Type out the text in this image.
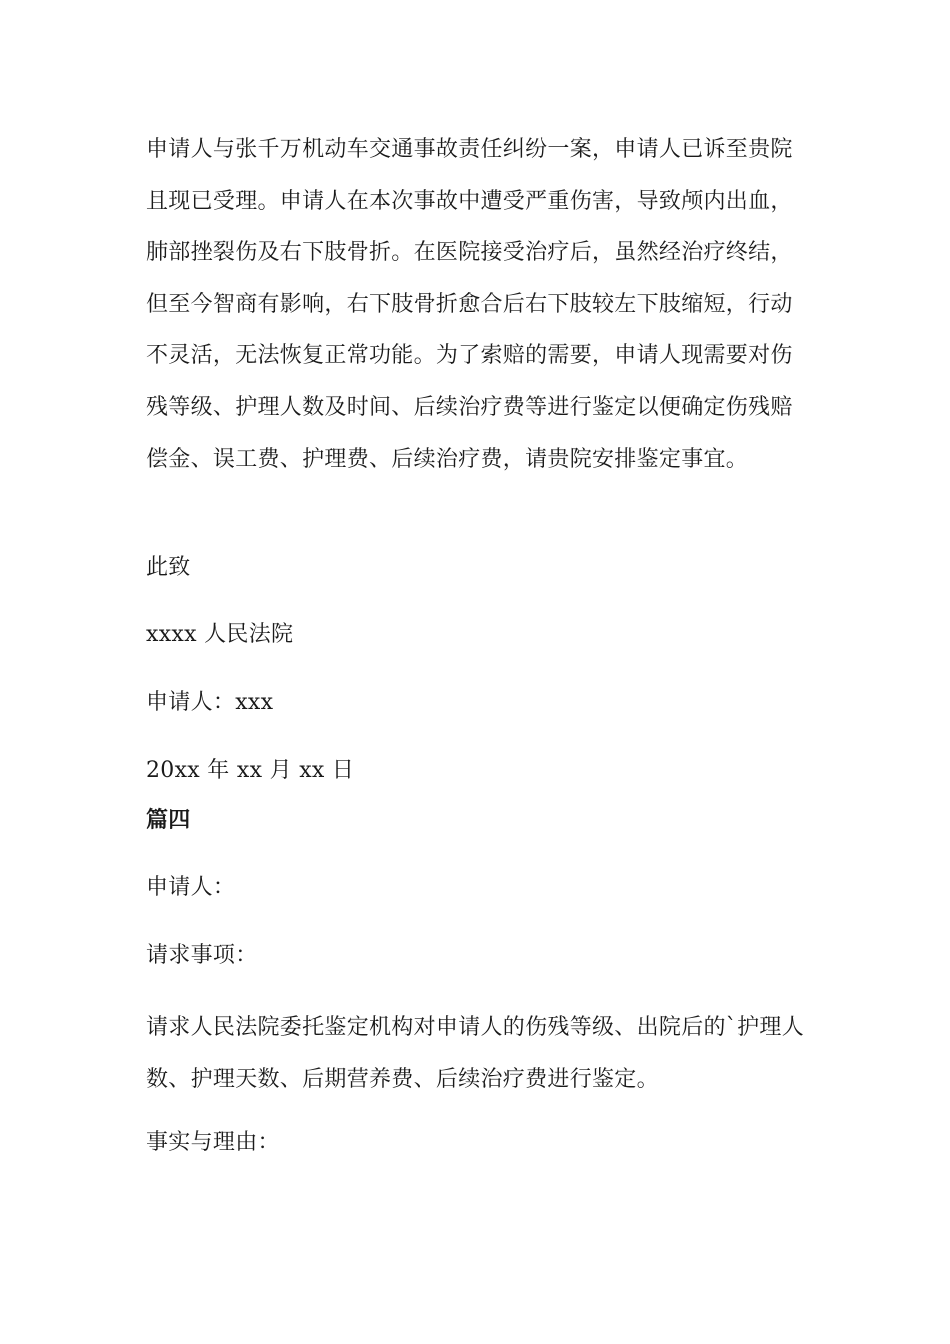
申请人与张千万机动车交通事故责任纠纷一案，申请人已诉至贵院且现已受理。申请人在本次事故中遭受严重伤害，导致颅内出血，肺部挫裂伤及右下肢骨折。在医院接受治疗后，虽然经治疗终结，但至今智商有影响，右下肢骨折愈合后右下肢较左下肢缩短，行动不灵活，无法恢复正常功能。为了索赔的需要，申请人现需要对伤残等级、护理人数及时间、后续治疗费等进行鉴定以便确定伤残赔偿金、误工费、护理费、后续治疗费，请贵院安排鉴定事宜。

此致

xxxx 人民法院

申请人：xxx

20xx 年 xx 月 xx 日

篇四

申请人：

请求事项：

请求人民法院委托鉴定机构对申请人的伤残等级、出院后的`护理人数、护理天数、后期营养费、后续治疗费进行鉴定。

事实与理由：
